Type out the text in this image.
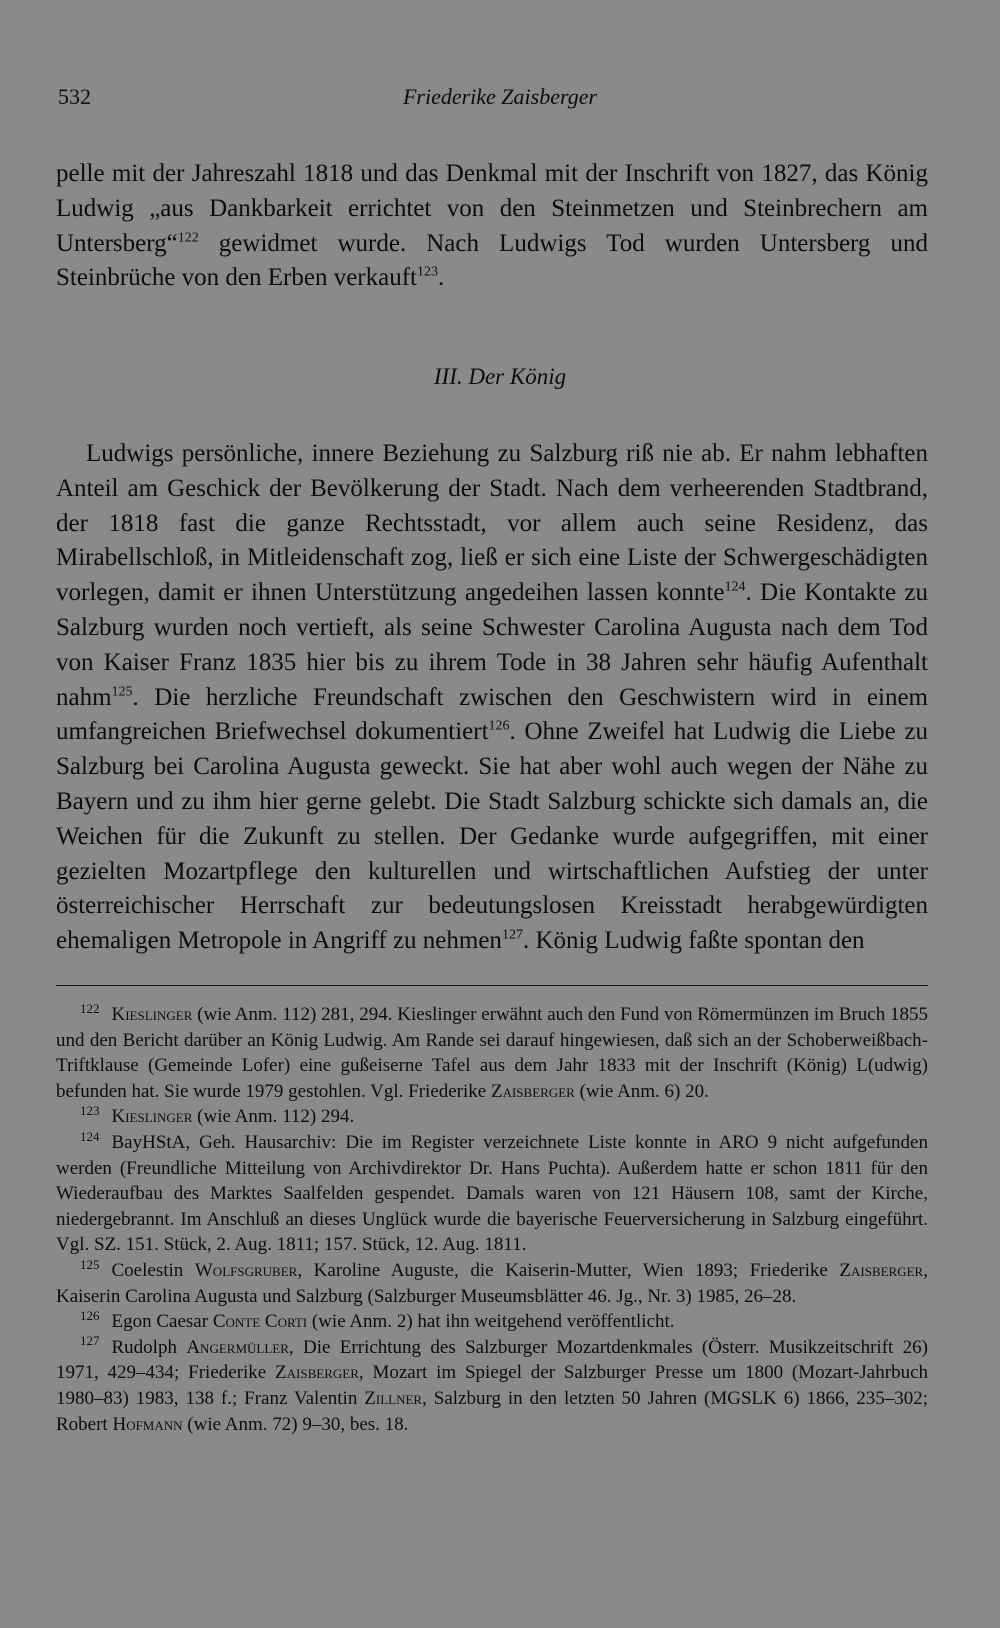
532	Friederike Zaisberger

pelle mit der Jahreszahl 1818 und das Denkmal mit der Inschrift von 1827, das König Ludwig „aus Dankbarkeit errichtet von den Steinmetzen und Steinbrechern am Untersberg“$^{122}$ gewidmet wurde. Nach Ludwigs Tod wurden Untersberg und Steinbrüche von den Erben verkauft$^{123}$.

III. Der König

Ludwigs persönliche, innere Beziehung zu Salzburg riß nie ab. Er nahm lebhaften Anteil am Geschick der Bevölkerung der Stadt. Nach dem verheerenden Stadtbrand, der 1818 fast die ganze Rechtsstadt, vor allem auch seine Residenz, das Mirabellschloß, in Mitleidenschaft zog, ließ er sich eine Liste der Schwergeschädigten vorlegen, damit er ihnen Unterstützung angedeihen lassen konnte$^{124}$. Die Kontakte zu Salzburg wurden noch vertieft, als seine Schwester Carolina Augusta nach dem Tod von Kaiser Franz 1835 hier bis zu ihrem Tode in 38 Jahren sehr häufig Aufenthalt nahm$^{125}$. Die herzliche Freundschaft zwischen den Geschwistern wird in einem umfangreichen Briefwechsel dokumentiert$^{126}$. Ohne Zweifel hat Ludwig die Liebe zu Salzburg bei Carolina Augusta geweckt. Sie hat aber wohl auch wegen der Nähe zu Bayern und zu ihm hier gerne gelebt. Die Stadt Salzburg schickte sich damals an, die Weichen für die Zukunft zu stellen. Der Gedanke wurde aufgegriffen, mit einer gezielten Mozartpflege den kulturellen und wirtschaftlichen Aufstieg der unter österreichischer Herrschaft zur bedeutungslosen Kreisstadt herabgewürdigten ehemaligen Metropole in Angriff zu nehmen$^{127}$. König Ludwig faßte spontan den

$^{122}$ Kieslinger (wie Anm. 112) 281, 294. Kieslinger erwähnt auch den Fund von Römermünzen im Bruch 1855 und den Bericht darüber an König Ludwig. Am Rande sei darauf hingewiesen, daß sich an der Schoberweißbach-Triftklause (Gemeinde Lofer) eine gußeiserne Tafel aus dem Jahr 1833 mit der Inschrift (König) L(udwig) befunden hat. Sie wurde 1979 gestohlen. Vgl. Friederike Zaisberger (wie Anm. 6) 20.

$^{123}$ Kieslinger (wie Anm. 112) 294.

$^{124}$ BayHStA, Geh. Hausarchiv: Die im Register verzeichnete Liste konnte in ARO 9 nicht aufgefunden werden (Freundliche Mitteilung von Archivdirektor Dr. Hans Puchta). Außerdem hatte er schon 1811 für den Wiederaufbau des Marktes Saalfelden gespendet. Damals waren von 121 Häusern 108, samt der Kirche, niedergebrannt. Im Anschluß an dieses Unglück wurde die bayerische Feuerversicherung in Salzburg eingeführt. Vgl. SZ. 151. Stück, 2. Aug. 1811; 157. Stück, 12. Aug. 1811.

$^{125}$ Coelestin Wolfsgruber, Karoline Auguste, die Kaiserin-Mutter, Wien 1893; Friederike Zaisberger, Kaiserin Carolina Augusta und Salzburg (Salzburger Museumsblätter 46. Jg., Nr. 3) 1985, 26–28.

$^{126}$ Egon Caesar Conte Corti (wie Anm. 2) hat ihn weitgehend veröffentlicht.

$^{127}$ Rudolph Angermüller, Die Errichtung des Salzburger Mozartdenkmales (Österr. Musikzeitschrift 26) 1971, 429–434; Friederike Zaisberger, Mozart im Spiegel der Salzburger Presse um 1800 (Mozart-Jahrbuch 1980–83) 1983, 138 f.; Franz Valentin Zillner, Salzburg in den letzten 50 Jahren (MGSLK 6) 1866, 235–302; Robert Hofmann (wie Anm. 72) 9–30, bes. 18.
